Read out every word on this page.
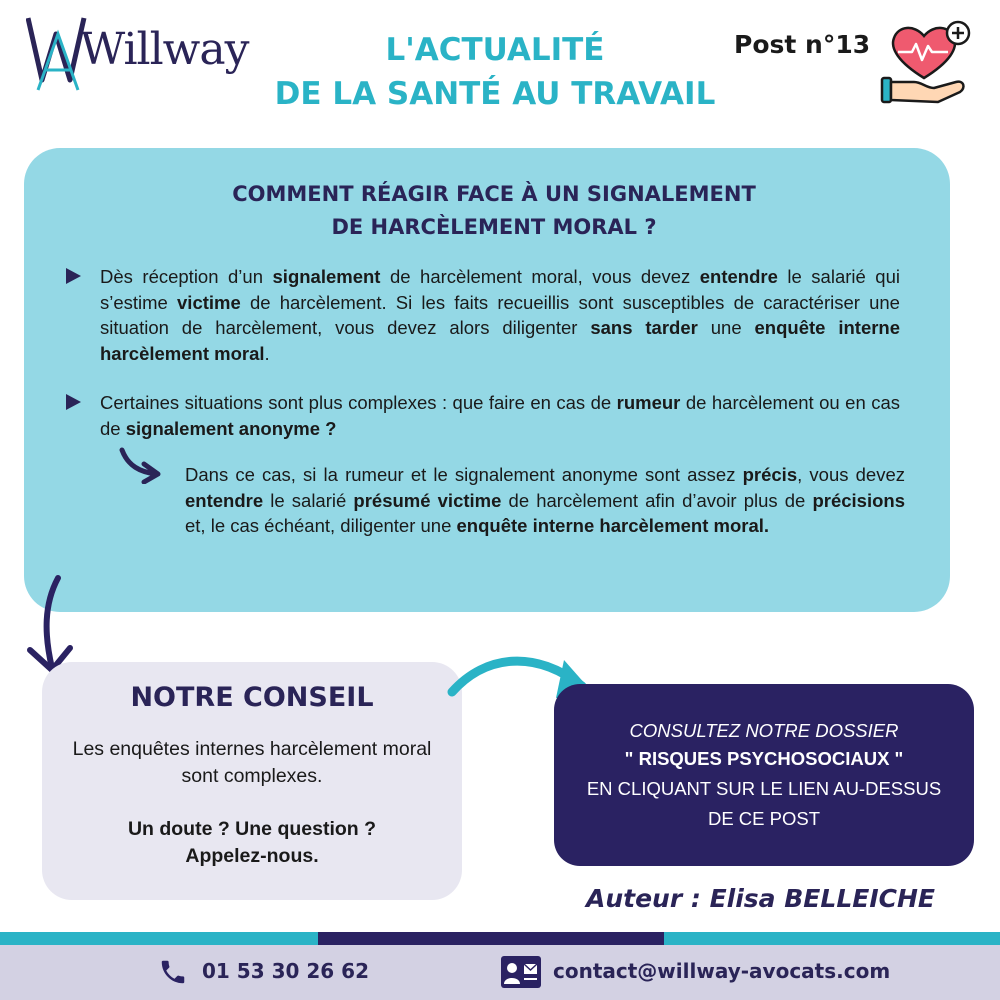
Willway	L'ACTUALITÉ
DE LA SANTÉ AU TRAVAIL
Post n°13
COMMENT RÉAGIR FACE À UN SIGNALEMENT
DE HARCÈLEMENT MORAL ?
Dès réception d’un signalement de harcèlement moral, vous devez entendre le salarié qui s’estime victime de harcèlement. Si les faits recueillis sont susceptibles de caractériser une situation de harcèlement, vous devez alors diligenter sans tarder une enquête interne harcèlement moral.
Certaines situations sont plus complexes : que faire en cas de rumeur de harcèlement ou en cas de signalement anonyme ?
Dans ce cas, si la rumeur et le signalement anonyme sont assez précis, vous devez entendre le salarié présumé victime de harcèlement afin d’avoir plus de précisions et, le cas échéant, diligenter une enquête interne harcèlement moral.
NOTRE CONSEIL
Les enquêtes internes harcèlement moral sont complexes.
Un doute ? Une question ?
Appelez-nous.
CONSULTEZ NOTRE DOSSIER
" RISQUES PSYCHOSOCIAUX "
EN CLIQUANT SUR LE LIEN AU-DESSUS
DE CE POST
Auteur : Elisa BELLEICHE
01 53 30 26 62	contact@willway-avocats.com
